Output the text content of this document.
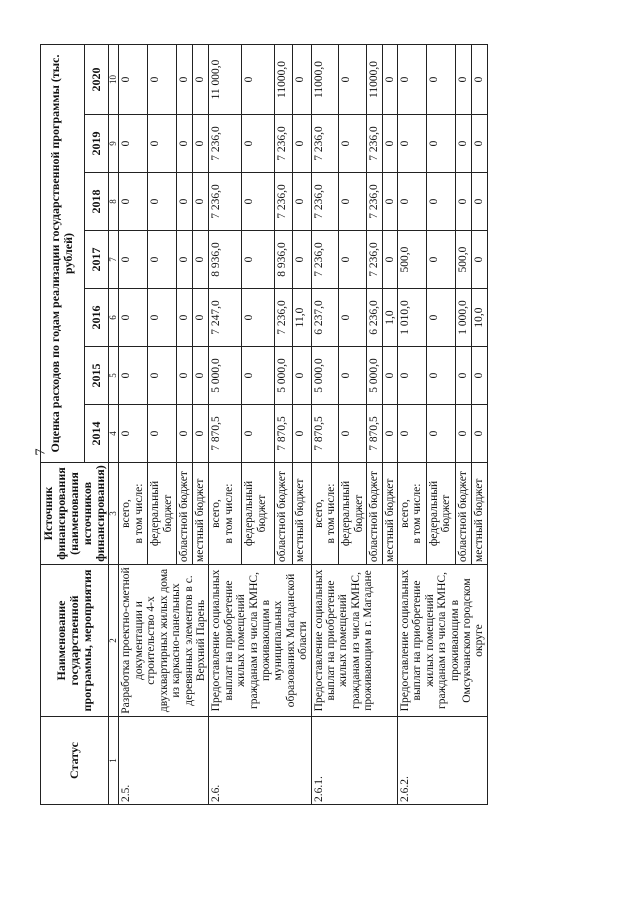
7
Статус	Наименование государственной программы, мероприятия	Источник финансирования (наименования источников финансирования)	Оценка расходов по годам реализации государственной программы (тыс. рублей)						
			2014	2015	2016	2017	2018	2019	2020
1	2	3	4	5	6	7	8	9	10
2.5.	Разработка проектно-сметной документации и строительство 4-х двухквартирных жилых дома из каркасно-панельных деревянных элементов в с. Верхний Парень	всего, в том числе:	0	0	0	0	0	0	0
		федеральный бюджет	0	0	0	0	0	0	0
		областной бюджет	0	0	0	0	0	0	0
		местный бюджет	0	0	0	0	0	0	0
2.6.	Предоставление социальных выплат на приобретение жилых помещений гражданам из числа КМНС, проживающим в муниципальных образованиях Магаданской области	всего, в том числе:	7 870,5	5 000,0	7 247,0	8 936,0	7 236,0	7 236,0	11 000,0
		федеральный бюджет	0	0	0	0	0	0	0
		областной бюджет	7 870,5	5 000,0	7 236,0	8 936,0	7 236,0	7 236,0	11000,0
		местный бюджет	0	0	11,0	0	0	0	0
2.6.1.	Предоставление социальных выплат на приобретение жилых помещений гражданам из числа КМНС, проживающим в г. Магадане	всего, в том числе:	7 870,5	5 000,0	6 237,0	7 236,0	7 236,0	7 236,0	11000,0
		федеральный бюджет	0	0	0	0	0	0	0
		областной бюджет	7 870,5	5 000,0	6 236,0	7 236,0	7 236,0	7 236,0	11000,0
		местный бюджет	0	0	1,0	0	0	0	0
2.6.2.	Предоставление социальных выплат на приобретение жилых помещений гражданам из числа КМНС, проживающим в Омсукчанском городском округе	всего, в том числе:	0	0	1 010,0	500,0	0	0	0
		федеральный бюджет	0	0	0	0	0	0	0
		областной бюджет	0	0	1 000,0	500,0	0	0	0
		местный бюджет	0	0	10,0	0	0	0	0
